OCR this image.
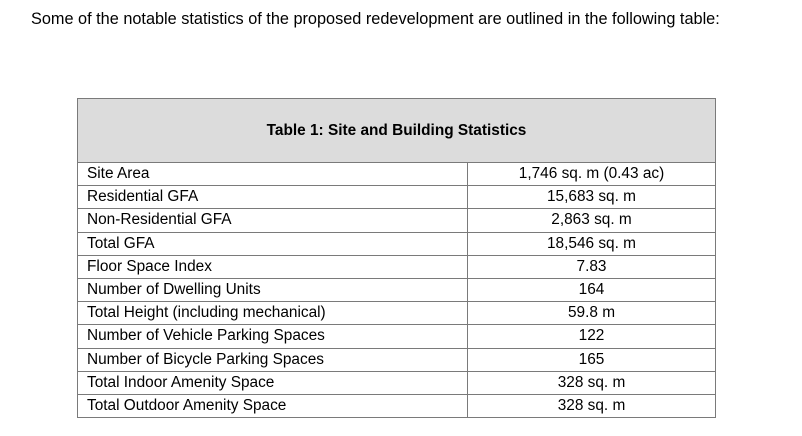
Some of the notable statistics of the proposed redevelopment are outlined in the following table:

Table 1: Site and Building Statistics	
Site Area	1,746 sq. m (0.43 ac)
Residential GFA	15,683 sq. m
Non-Residential GFA	2,863 sq. m
Total GFA	18,546 sq. m
Floor Space Index	7.83
Number of Dwelling Units	164
Total Height (including mechanical)	59.8 m
Number of Vehicle Parking Spaces	122
Number of Bicycle Parking Spaces	165
Total Indoor Amenity Space	328 sq. m
Total Outdoor Amenity Space	328 sq. m
